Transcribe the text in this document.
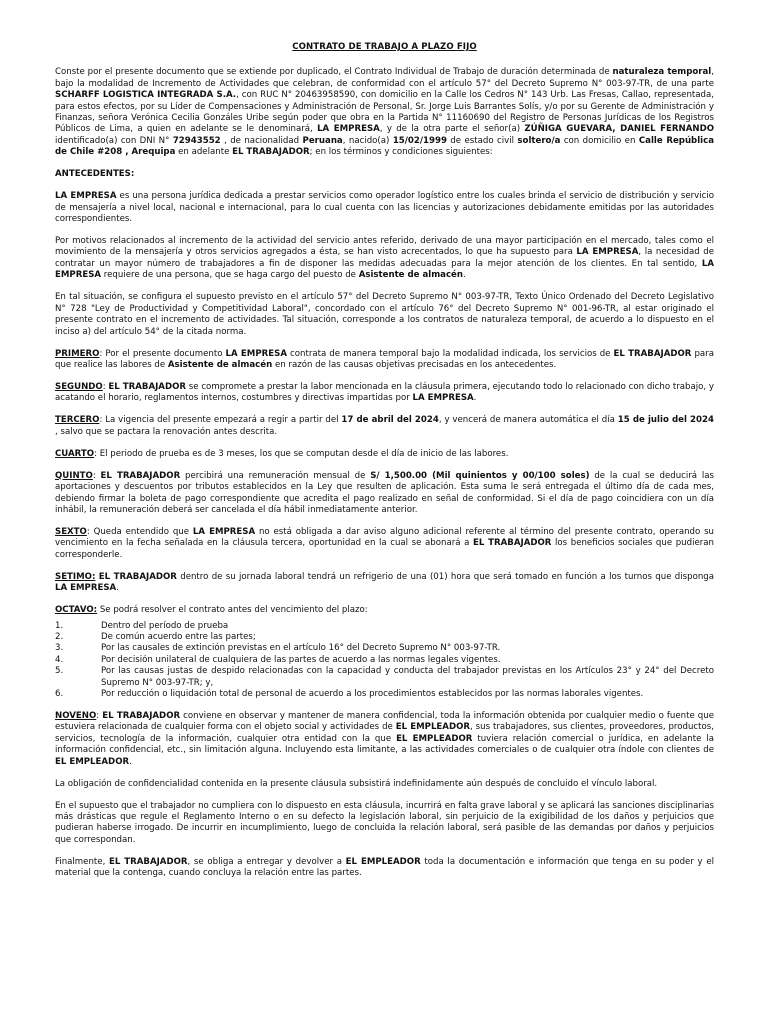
CONTRATO DE TRABAJO A PLAZO FIJO

Conste por el presente documento que se extiende por duplicado, el Contrato Individual de Trabajo de duración determinada de naturaleza temporal, bajo la modalidad de Incremento de Actividades que celebran, de conformidad con el artículo 57° del Decreto Supremo N° 003-97-TR, de una parte SCHARFF LOGISTICA INTEGRADA S.A., con RUC N° 20463958590, con domicilio en la Calle los Cedros N° 143 Urb. Las Fresas, Callao, representada, para estos efectos, por su Líder de Compensaciones y Administración de Personal, Sr. Jorge Luis Barrantes Solís, y/o por su Gerente de Administración y Finanzas, señora Verónica Cecilia Gonzáles Uribe según poder que obra en la Partida N° 11160690 del Registro de Personas Jurídicas de los Registros Públicos de Lima, a quien en adelante se le denominará, LA EMPRESA, y de la otra parte el señor(a) ZÚÑIGA GUEVARA, DANIEL FERNANDO identificado(a) con DNI N° 72943552 , de nacionalidad Peruana, nacido(a) 15/02/1999 de estado civil soltero/a con domicilio en Calle República de Chile #208 , Arequipa en adelante EL TRABAJADOR; en los términos y condiciones siguientes:

ANTECEDENTES:

LA EMPRESA es una persona jurídica dedicada a prestar servicios como operador logístico entre los cuales brinda el servicio de distribución y servicio de mensajería a nivel local, nacional e internacional, para lo cual cuenta con las licencias y autorizaciones debidamente emitidas por las autoridades correspondientes.

Por motivos relacionados al incremento de la actividad del servicio antes referido, derivado de una mayor participación en el mercado, tales como el movimiento de la mensajería y otros servicios agregados a ésta, se han visto acrecentados, lo que ha supuesto para LA EMPRESA, la necesidad de contratar un mayor número de trabajadores a fin de disponer las medidas adecuadas para la mejor atención de los clientes. En tal sentido, LA EMPRESA requiere de una persona, que se haga cargo del puesto de Asistente de almacén.

En tal situación, se configura el supuesto previsto en el artículo 57° del Decreto Supremo N° 003-97-TR, Texto Único Ordenado del Decreto Legislativo N° 728 "Ley de Productividad y Competitividad Laboral", concordado con el artículo 76° del Decreto Supremo N° 001-96-TR, al estar originado el presente contrato en el incremento de actividades. Tal situación, corresponde a los contratos de naturaleza temporal, de acuerdo a lo dispuesto en el inciso a) del artículo 54° de la citada norma.

PRIMERO: Por el presente documento LA EMPRESA contrata de manera temporal bajo la modalidad indicada, los servicios de EL TRABAJADOR para que realice las labores de Asistente de almacén en razón de las causas objetivas precisadas en los antecedentes.

SEGUNDO: EL TRABAJADOR se compromete a prestar la labor mencionada en la cláusula primera, ejecutando todo lo relacionado con dicho trabajo, y acatando el horario, reglamentos internos, costumbres y directivas impartidas por LA EMPRESA.

TERCERO: La vigencia del presente empezará a regir a partir del 17 de abril del 2024, y vencerá de manera automática el día 15 de julio del 2024 , salvo que se pactara la renovación antes descrita.

CUARTO: El periodo de prueba es de 3 meses, los que se computan desde el día de inicio de las labores.

QUINTO: EL TRABAJADOR percibirá una remuneración mensual de S/ 1,500.00 (Mil quinientos y 00/100 soles) de la cual se deducirá las aportaciones y descuentos por tributos establecidos en la Ley que resulten de aplicación. Esta suma le será entregada el último día de cada mes, debiendo firmar la boleta de pago correspondiente que acredita el pago realizado en señal de conformidad. Si el día de pago coincidiera con un día inhábil, la remuneración deberá ser cancelada el día hábil inmediatamente anterior.

SEXTO: Queda entendido que LA EMPRESA no está obligada a dar aviso alguno adicional referente al término del presente contrato, operando su vencimiento en la fecha señalada en la cláusula tercera, oportunidad en la cual se abonará a EL TRABAJADOR los beneficios sociales que pudieran corresponderle.

SETIMO: EL TRABAJADOR dentro de su jornada laboral tendrá un refrigerio de una (01) hora que será tomado en función a los turnos que disponga LA EMPRESA.

OCTAVO: Se podrá resolver el contrato antes del vencimiento del plazo:

1.	Dentro del período de prueba
2.	De común acuerdo entre las partes;
3.	Por las causales de extinción previstas en el artículo 16° del Decreto Supremo N° 003-97-TR.
4.	Por decisión unilateral de cualquiera de las partes de acuerdo a las normas legales vigentes.
5.	Por las causas justas de despido relacionadas con la capacidad y conducta del trabajador previstas en los Artículos 23° y 24° del Decreto Supremo N° 003-97-TR; y,
6.	Por reducción o liquidación total de personal de acuerdo a los procedimientos establecidos por las normas laborales vigentes.

NOVENO: EL TRABAJADOR conviene en observar y mantener de manera confidencial, toda la información obtenida por cualquier medio o fuente que estuviera relacionada de cualquier forma con el objeto social y actividades de EL EMPLEADOR, sus trabajadores, sus clientes, proveedores, productos, servicios, tecnología de la información, cualquier otra entidad con la que EL EMPLEADOR tuviera relación comercial o jurídica, en adelante la información confidencial, etc., sin limitación alguna. Incluyendo esta limitante, a las actividades comerciales o de cualquier otra índole con clientes de EL EMPLEADOR.

La obligación de confidencialidad contenida en la presente cláusula subsistirá indefinidamente aún después de concluido el vínculo laboral.

En el supuesto que el trabajador no cumpliera con lo dispuesto en esta cláusula, incurrirá en falta grave laboral y se aplicará las sanciones disciplinarias más drásticas que regule el Reglamento Interno o en su defecto la legislación laboral, sin perjuicio de la exigibilidad de los daños y perjuicios que pudieran haberse irrogado. De incurrir en incumplimiento, luego de concluida la relación laboral, será pasible de las demandas por daños y perjuicios que correspondan.

Finalmente, EL TRABAJADOR, se obliga a entregar y devolver a EL EMPLEADOR toda la documentación e información que tenga en su poder y el material que la contenga, cuando concluya la relación entre las partes.
